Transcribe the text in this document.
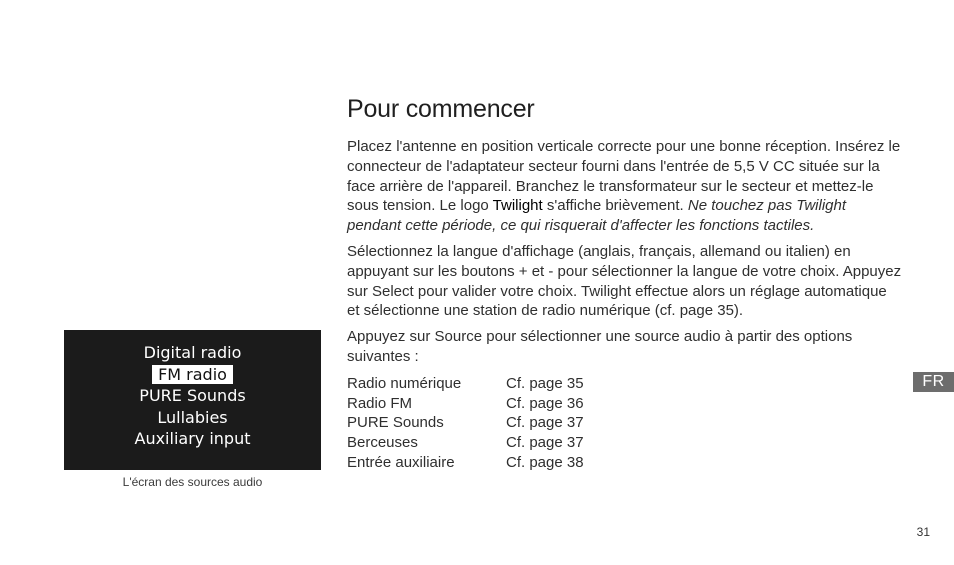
Pour commencer

Placez l'antenne en position verticale correcte pour une bonne réception. Insérez le connecteur de l'adaptateur secteur fourni dans l'entrée de 5,5 V CC située sur la face arrière de l'appareil. Branchez le transformateur sur le secteur et mettez-le sous tension. Le logo Twilight s'affiche brièvement. Ne touchez pas Twilight pendant cette période, ce qui risquerait d'affecter les fonctions tactiles.

Sélectionnez la langue d'affichage (anglais, français, allemand ou italien) en appuyant sur les boutons + et - pour sélectionner la langue de votre choix. Appuyez sur Select pour valider votre choix. Twilight effectue alors un réglage automatique et sélectionne une station de radio numérique (cf. page 35).

Appuyez sur Source pour sélectionner une source audio à partir des options suivantes :

Radio numérique	Cf. page 35
Radio FM	Cf. page 36
PURE Sounds	Cf. page 37
Berceuses	Cf. page 37
Entrée auxiliaire	Cf. page 38
Digital radio
FM radio
PURE Sounds
Lullabies
Auxiliary input
L'écran des sources audio
FR
31
